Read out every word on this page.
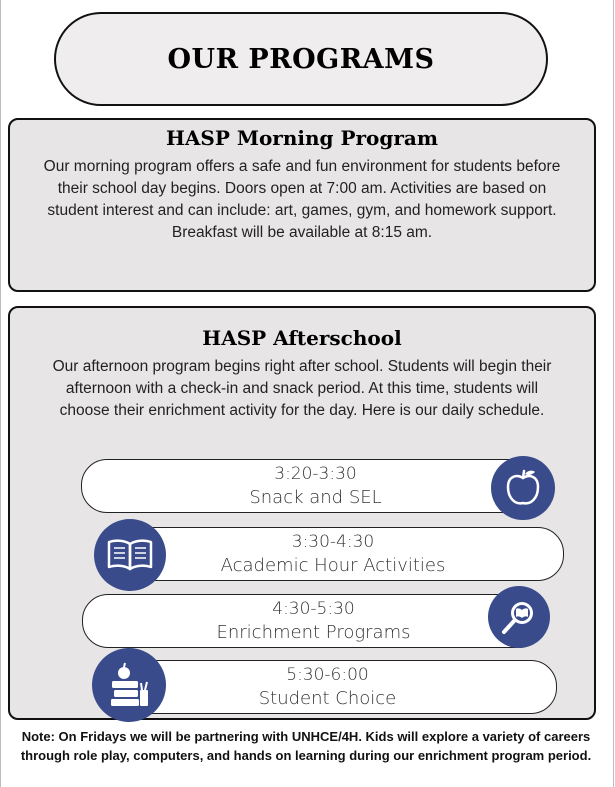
OUR PROGRAMS
HASP Morning Program

Our morning program offers a safe and fun environment for students before their school day begins. Doors open at 7:00 am. Activities are based on student interest and can include: art, games, gym, and homework support. Breakfast will be available at 8:15 am.

HASP Afterschool

Our afternoon program begins right after school. Students will begin their afternoon with a check-in and snack period. At this time, students will choose their enrichment activity for the day. Here is our daily schedule.

3:20-3:30
Snack and SEL
3:30-4:30
Academic Hour Activities
4:30-5:30
Enrichment Programs
5:30-6:00
Student Choice
Note: On Fridays we will be partnering with UNHCE/4H. Kids will explore a variety of careers through role play, computers, and hands on learning during our enrichment program period.
